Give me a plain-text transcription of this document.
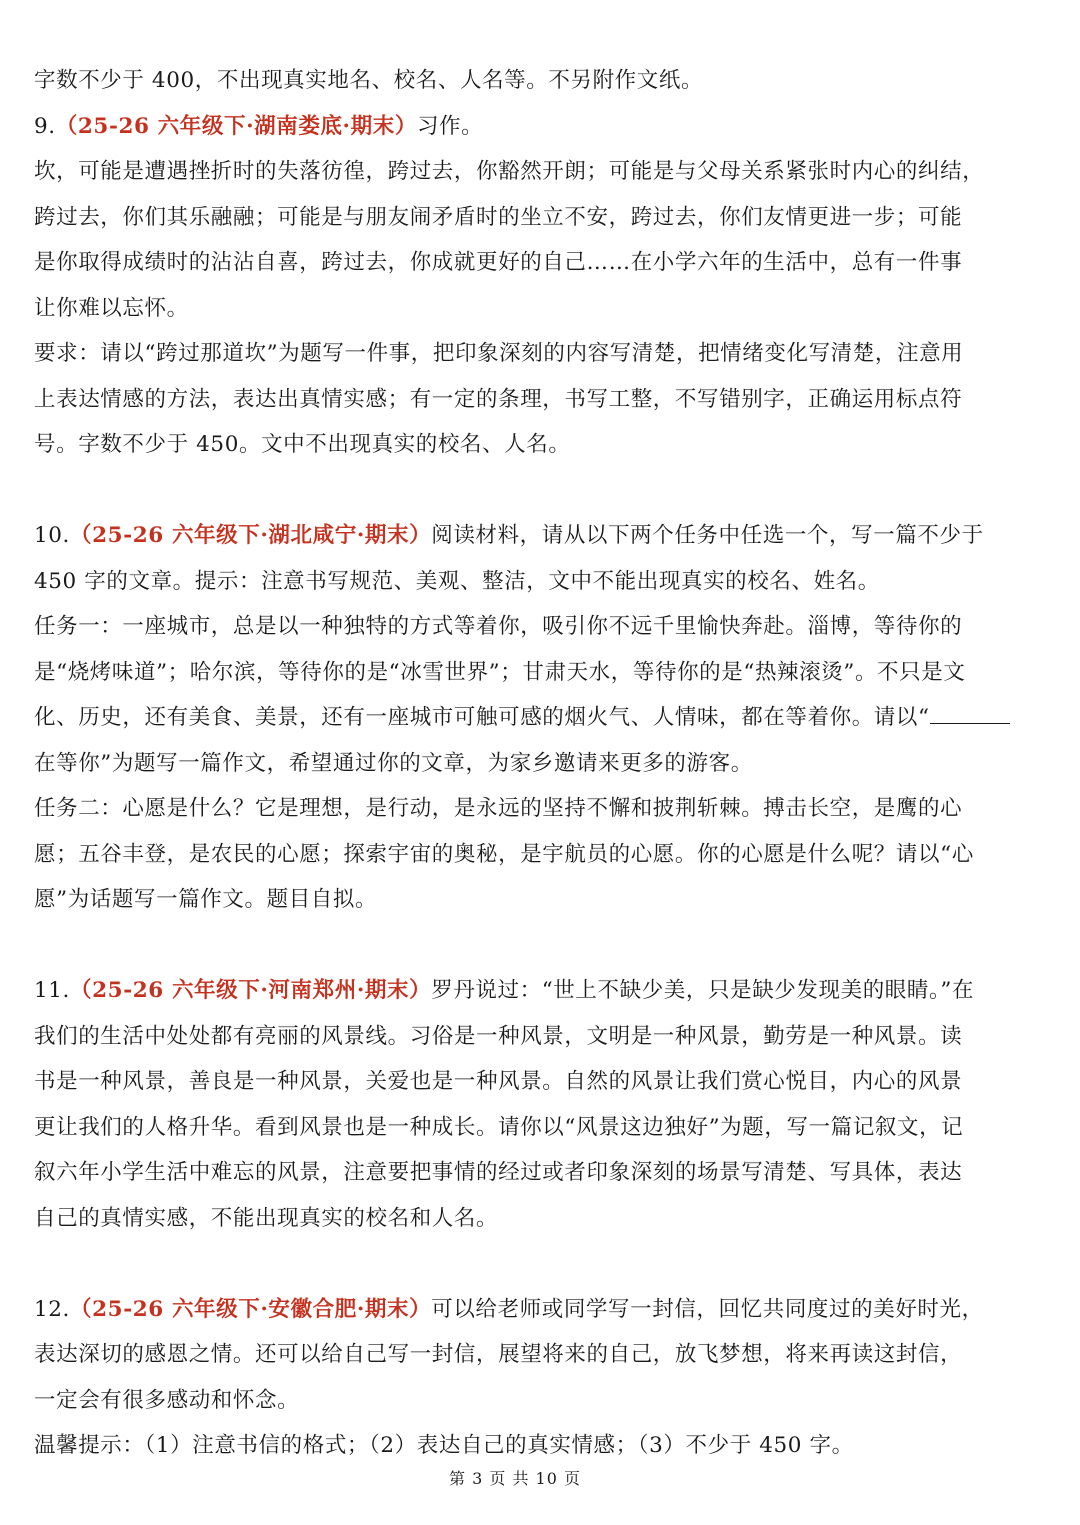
字数不少于 400，不出现真实地名、校名、人名等。不另附作文纸。
9.（25-26 六年级下·湖南娄底·期末）习作。
坎，可能是遭遇挫折时的失落彷徨，跨过去，你豁然开朗；可能是与父母关系紧张时内心的纠结，
跨过去，你们其乐融融；可能是与朋友闹矛盾时的坐立不安，跨过去，你们友情更进一步；可能
是你取得成绩时的沾沾自喜，跨过去，你成就更好的自己……在小学六年的生活中，总有一件事
让你难以忘怀。
要求：请以“跨过那道坎”为题写一件事，把印象深刻的内容写清楚，把情绪变化写清楚，注意用
上表达情感的方法，表达出真情实感；有一定的条理，书写工整，不写错别字，正确运用标点符
号。字数不少于 450。文中不出现真实的校名、人名。
10.（25-26 六年级下·湖北咸宁·期末）阅读材料，请从以下两个任务中任选一个，写一篇不少于
450 字的文章。提示：注意书写规范、美观、整洁，文中不能出现真实的校名、姓名。
任务一：一座城市，总是以一种独特的方式等着你，吸引你不远千里愉快奔赴。淄博，等待你的
是“烧烤味道”；哈尔滨，等待你的是“冰雪世界”；甘肃天水，等待你的是“热辣滚烫”。不只是文
化、历史，还有美食、美景，还有一座城市可触可感的烟火气、人情味，都在等着你。请以“
在等你”为题写一篇作文，希望通过你的文章，为家乡邀请来更多的游客。
任务二：心愿是什么？它是理想，是行动，是永远的坚持不懈和披荆斩棘。搏击长空，是鹰的心
愿；五谷丰登，是农民的心愿；探索宇宙的奥秘，是宇航员的心愿。你的心愿是什么呢？请以“心
愿”为话题写一篇作文。题目自拟。
11.（25-26 六年级下·河南郑州·期末）罗丹说过：“世上不缺少美，只是缺少发现美的眼睛。”在
我们的生活中处处都有亮丽的风景线。习俗是一种风景，文明是一种风景，勤劳是一种风景。读
书是一种风景，善良是一种风景，关爱也是一种风景。自然的风景让我们赏心悦目，内心的风景
更让我们的人格升华。看到风景也是一种成长。请你以“风景这边独好”为题，写一篇记叙文，记
叙六年小学生活中难忘的风景，注意要把事情的经过或者印象深刻的场景写清楚、写具体，表达
自己的真情实感，不能出现真实的校名和人名。
12.（25-26 六年级下·安徽合肥·期末）可以给老师或同学写一封信，回忆共同度过的美好时光，
表达深切的感恩之情。还可以给自己写一封信，展望将来的自己，放飞梦想，将来再读这封信，
一定会有很多感动和怀念。
温馨提示：（1）注意书信的格式；（2）表达自己的真实情感；（3）不少于 450 字。
第 3 页 共 10 页
